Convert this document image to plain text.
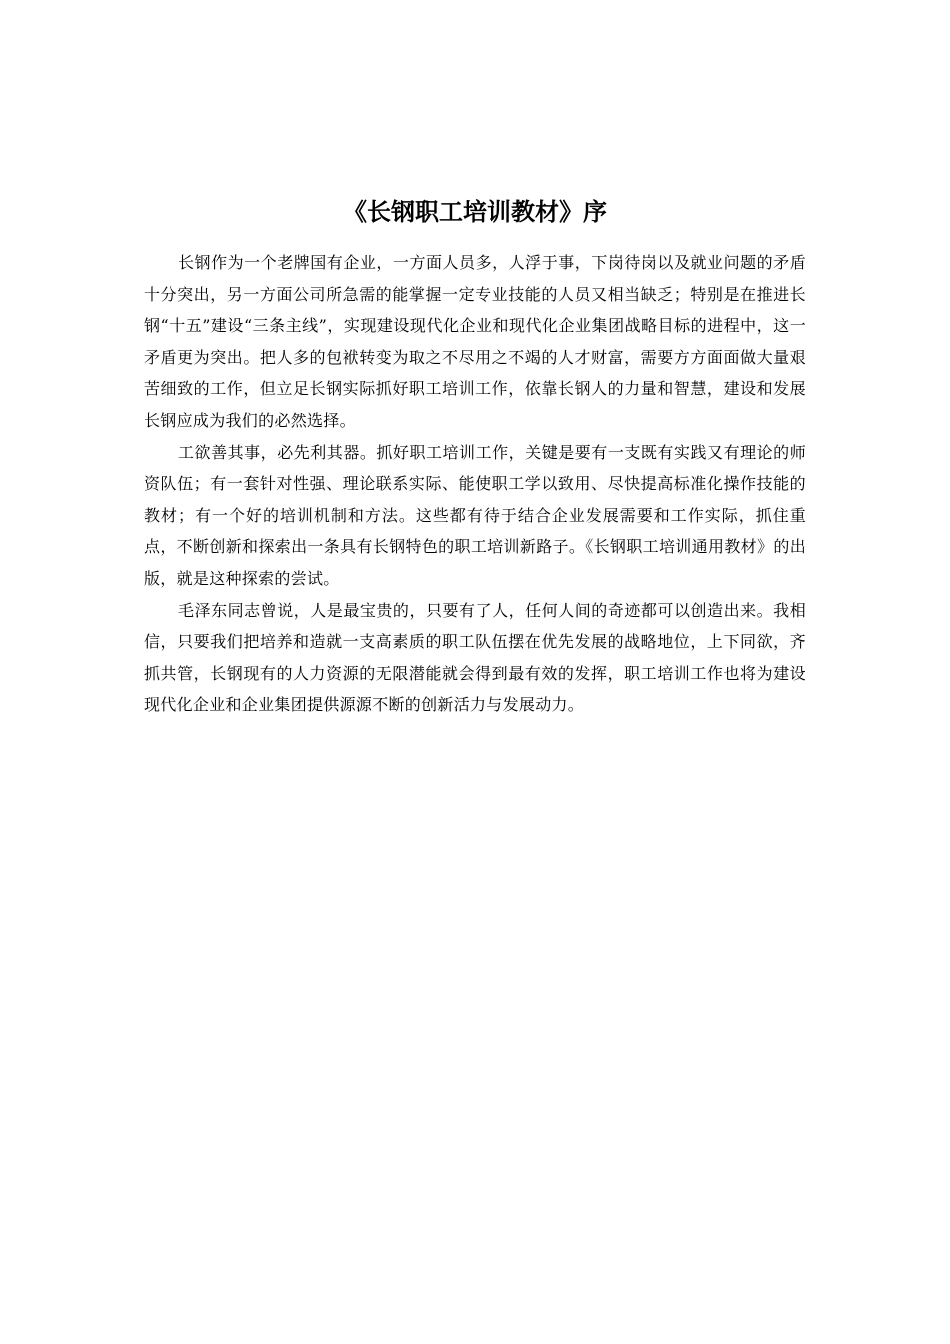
《长钢职工培训教材》序

长钢作为一个老牌国有企业，一方面人员多，人浮于事，下岗待岗以及就业问题的矛盾十分突出，另一方面公司所急需的能掌握一定专业技能的人员又相当缺乏；特别是在推进长钢“十五”建设“三条主线”，实现建设现代化企业和现代化企业集团战略目标的进程中，这一矛盾更为突出。把人多的包袱转变为取之不尽用之不竭的人才财富，需要方方面面做大量艰苦细致的工作，但立足长钢实际抓好职工培训工作，依靠长钢人的力量和智慧，建设和发展长钢应成为我们的必然选择。

工欲善其事，必先利其器。抓好职工培训工作，关键是要有一支既有实践又有理论的师资队伍；有一套针对性强、理论联系实际、能使职工学以致用、尽快提高标准化操作技能的教材；有一个好的培训机制和方法。这些都有待于结合企业发展需要和工作实际，抓住重点，不断创新和探索出一条具有长钢特色的职工培训新路子。《长钢职工培训通用教材》的出版，就是这种探索的尝试。

毛泽东同志曾说，人是最宝贵的，只要有了人，任何人间的奇迹都可以创造出来。我相信，只要我们把培养和造就一支高素质的职工队伍摆在优先发展的战略地位，上下同欲，齐抓共管，长钢现有的人力资源的无限潜能就会得到最有效的发挥，职工培训工作也将为建设现代化企业和企业集团提供源源不断的创新活力与发展动力。
